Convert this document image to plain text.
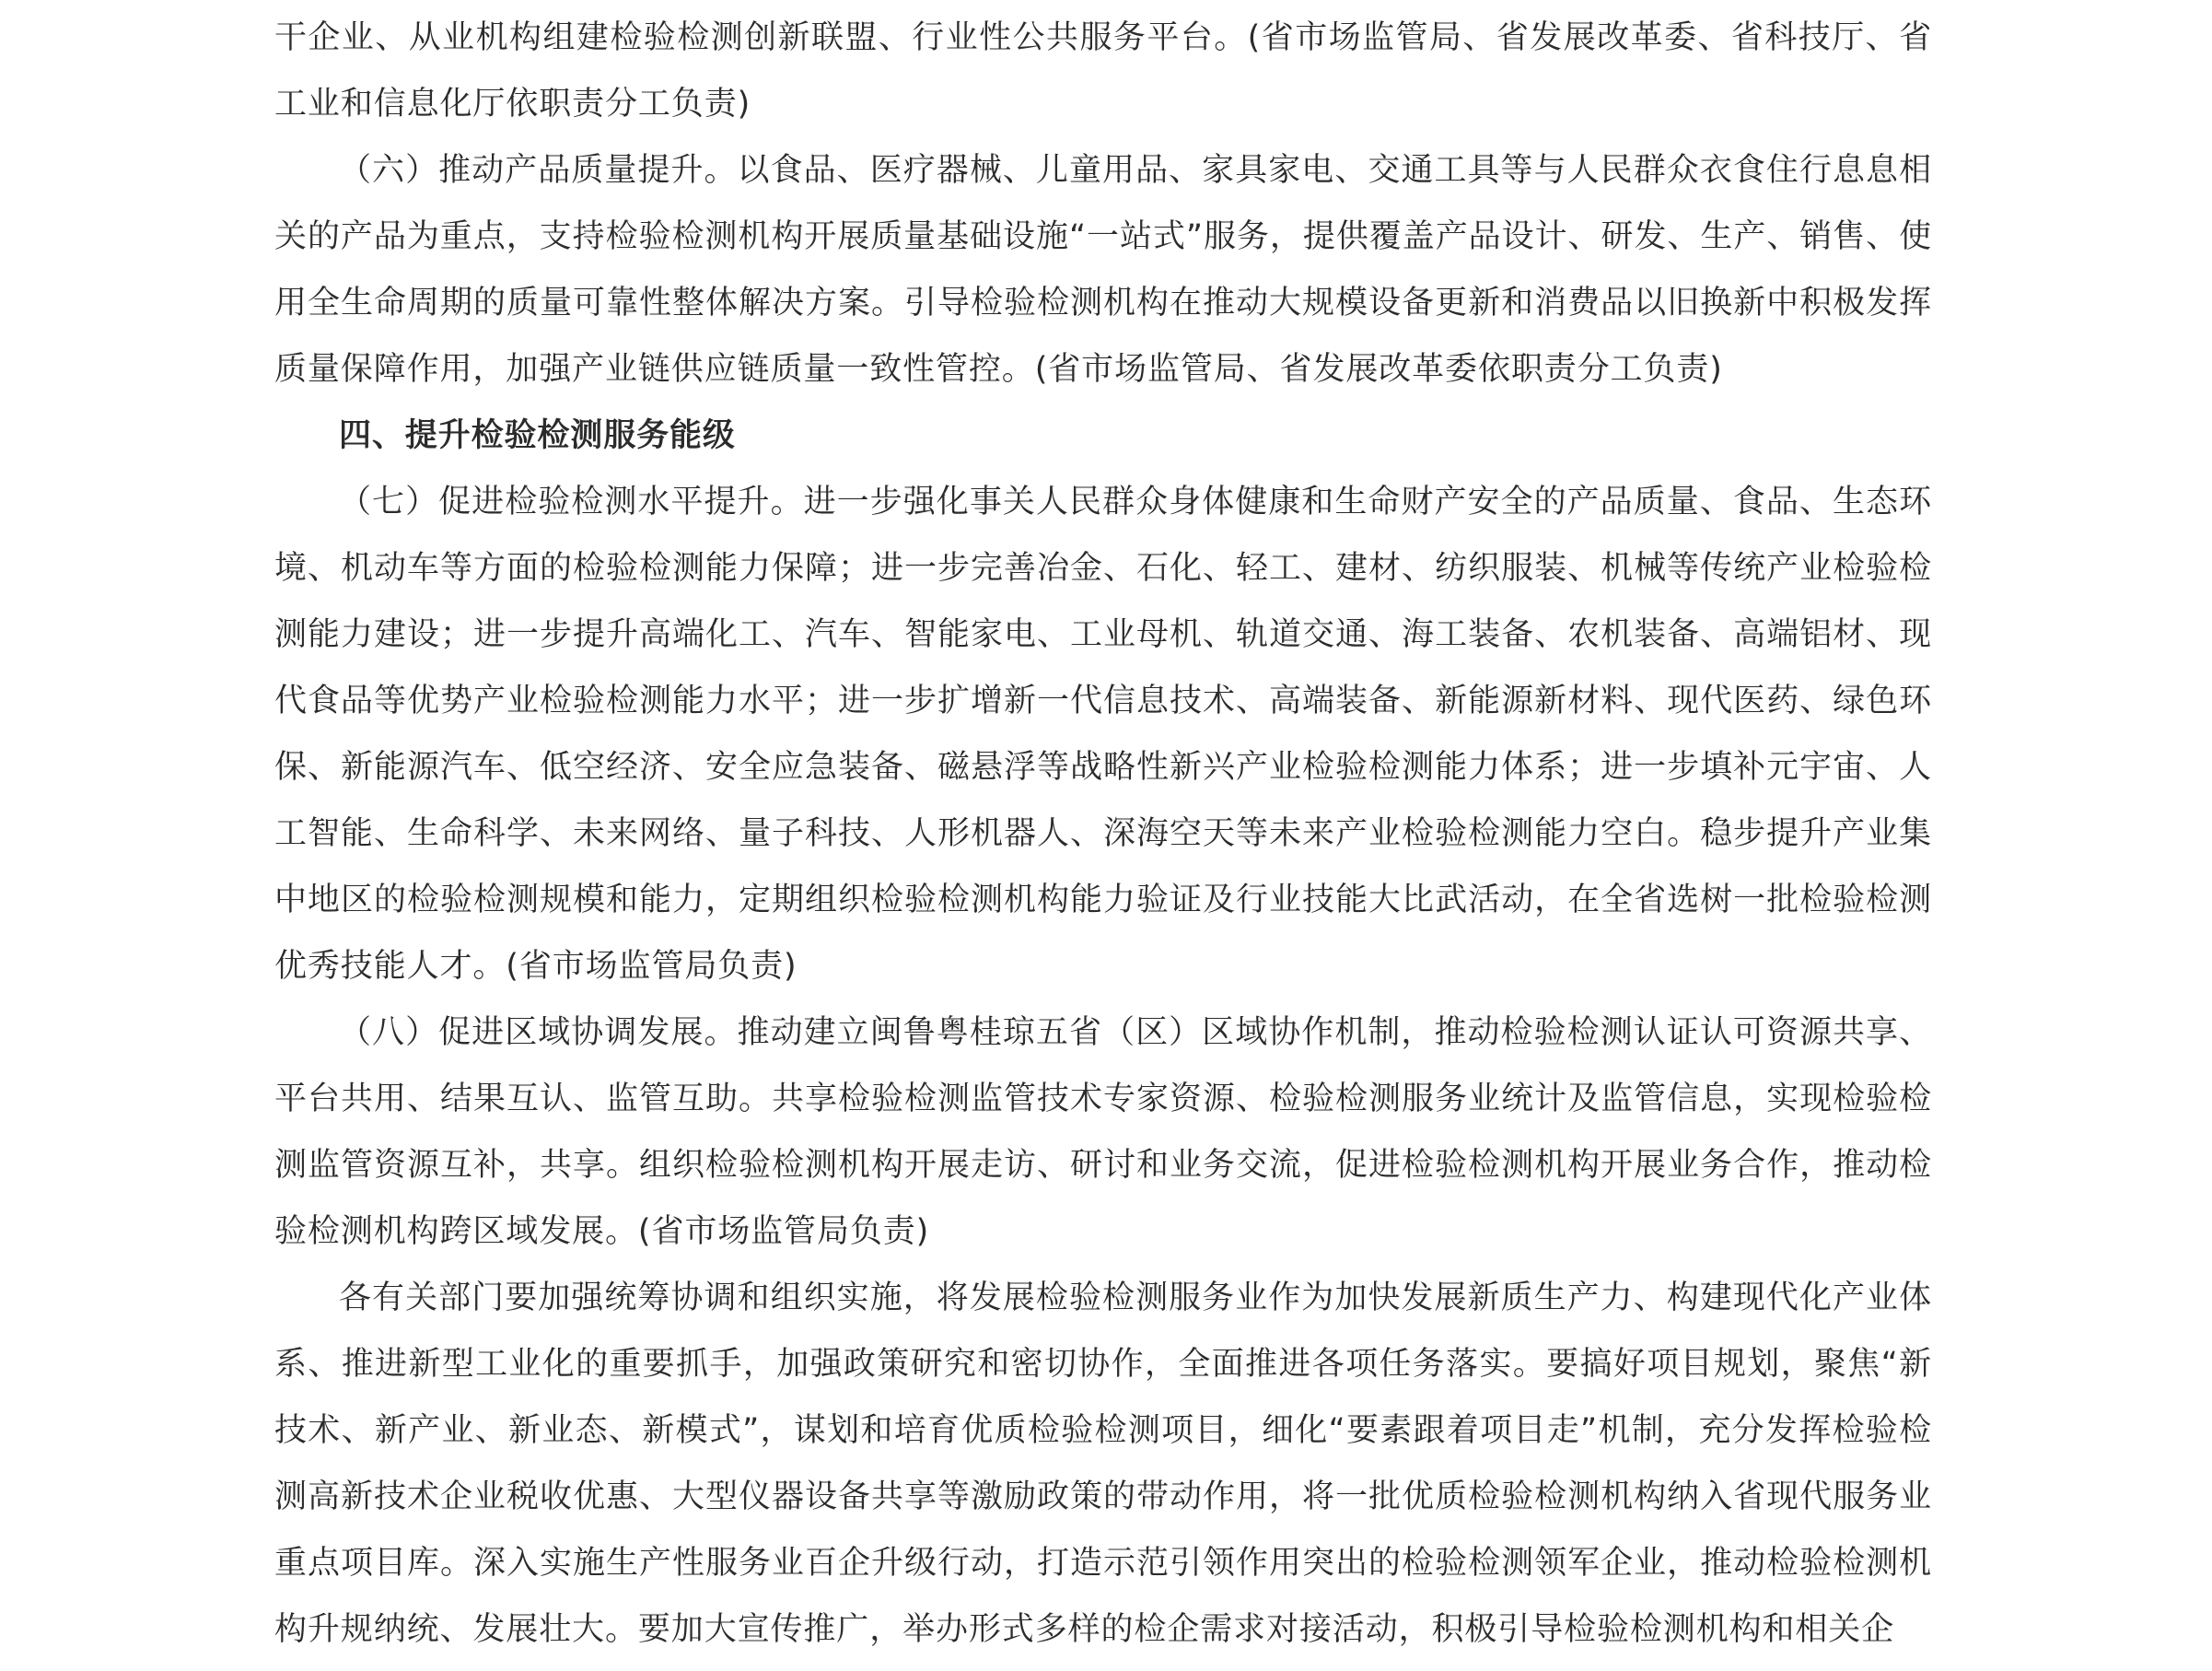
干企业、从业机构组建检验检测创新联盟、行业性公共服务平台。(省市场监管局、省发展改革委、省科技厅、省工业和信息化厅依职责分工负责)

（六）推动产品质量提升。以食品、医疗器械、儿童用品、家具家电、交通工具等与人民群众衣食住行息息相关的产品为重点，支持检验检测机构开展质量基础设施“一站式”服务，提供覆盖产品设计、研发、生产、销售、使用全生命周期的质量可靠性整体解决方案。引导检验检测机构在推动大规模设备更新和消费品以旧换新中积极发挥质量保障作用，加强产业链供应链质量一致性管控。(省市场监管局、省发展改革委依职责分工负责)

四、提升检验检测服务能级

（七）促进检验检测水平提升。进一步强化事关人民群众身体健康和生命财产安全的产品质量、食品、生态环境、机动车等方面的检验检测能力保障；进一步完善冶金、石化、轻工、建材、纺织服装、机械等传统产业检验检测能力建设；进一步提升高端化工、汽车、智能家电、工业母机、轨道交通、海工装备、农机装备、高端铝材、现代食品等优势产业检验检测能力水平；进一步扩增新一代信息技术、高端装备、新能源新材料、现代医药、绿色环保、新能源汽车、低空经济、安全应急装备、磁悬浮等战略性新兴产业检验检测能力体系；进一步填补元宇宙、人工智能、生命科学、未来网络、量子科技、人形机器人、深海空天等未来产业检验检测能力空白。稳步提升产业集中地区的检验检测规模和能力，定期组织检验检测机构能力验证及行业技能大比武活动，在全省选树一批检验检测优秀技能人才。(省市场监管局负责)

（八）促进区域协调发展。推动建立闽鲁粤桂琼五省（区）区域协作机制，推动检验检测认证认可资源共享、平台共用、结果互认、监管互助。共享检验检测监管技术专家资源、检验检测服务业统计及监管信息，实现检验检测监管资源互补，共享。组织检验检测机构开展走访、研讨和业务交流，促进检验检测机构开展业务合作，推动检验检测机构跨区域发展。(省市场监管局负责)

各有关部门要加强统筹协调和组织实施，将发展检验检测服务业作为加快发展新质生产力、构建现代化产业体系、推进新型工业化的重要抓手，加强政策研究和密切协作，全面推进各项任务落实。要搞好项目规划，聚焦“新技术、新产业、新业态、新模式”，谋划和培育优质检验检测项目，细化“要素跟着项目走”机制，充分发挥检验检测高新技术企业税收优惠、大型仪器设备共享等激励政策的带动作用，将一批优质检验检测机构纳入省现代服务业重点项目库。深入实施生产性服务业百企升级行动，打造示范引领作用突出的检验检测领军企业，推动检验检测机构升规纳统、发展壮大。要加大宣传推广，举办形式多样的检企需求对接活动，积极引导检验检测机构和相关企
